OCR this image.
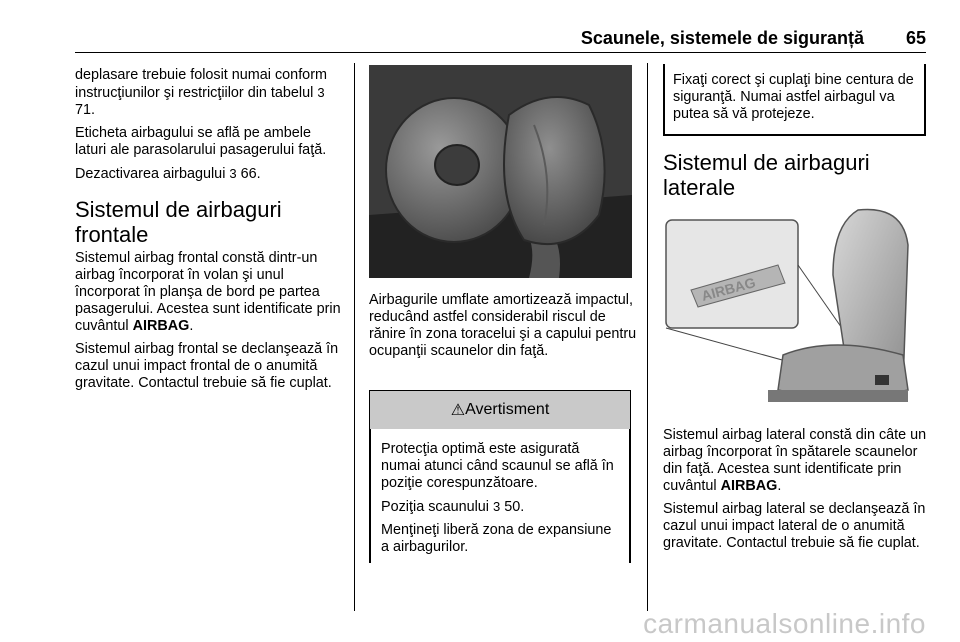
Scaunele, sistemele de siguranță 65

deplasare trebuie folosit numai conform instrucţiunilor şi restricţiilor din tabelul 3 71.

Eticheta airbagului se află pe ambele laturi ale parasolarului pasagerului faţă.

Dezactivarea airbagului 3 66.

Sistemul de airbaguri frontale

Sistemul airbag frontal constă dintr-un airbag încorporat în volan şi unul încorporat în planşa de bord pe partea pasagerului. Acestea sunt identificate prin cuvântul AIRBAG.

Sistemul airbag frontal se declanşează în cazul unui impact frontal de o anumită gravitate. Contactul trebuie să fie cuplat.

Airbagurile umflate amortizează impactul, reducând astfel considerabil riscul de rănire în zona toracelui şi a capului pentru ocupanţii scaunelor din faţă.

⚠ Avertisment

Protecţia optimă este asigurată numai atunci când scaunul se află în poziţie corespunzătoare.

Poziţia scaunului 3 50.

Menţineţi liberă zona de expansiune a airbagurilor.

Fixaţi corect şi cuplaţi bine centura de siguranţă. Numai astfel airbagul va putea să vă protejeze.
Sistemul de airbaguri laterale
AIRBAG

Sistemul airbag lateral constă din câte un airbag încorporat în spătarele scaunelor din faţă. Acestea sunt identificate prin cuvântul AIRBAG.

Sistemul airbag lateral se declanşează în cazul unui impact lateral de o anumită gravitate. Contactul trebuie să fie cuplat.

carmanualsonline.info
